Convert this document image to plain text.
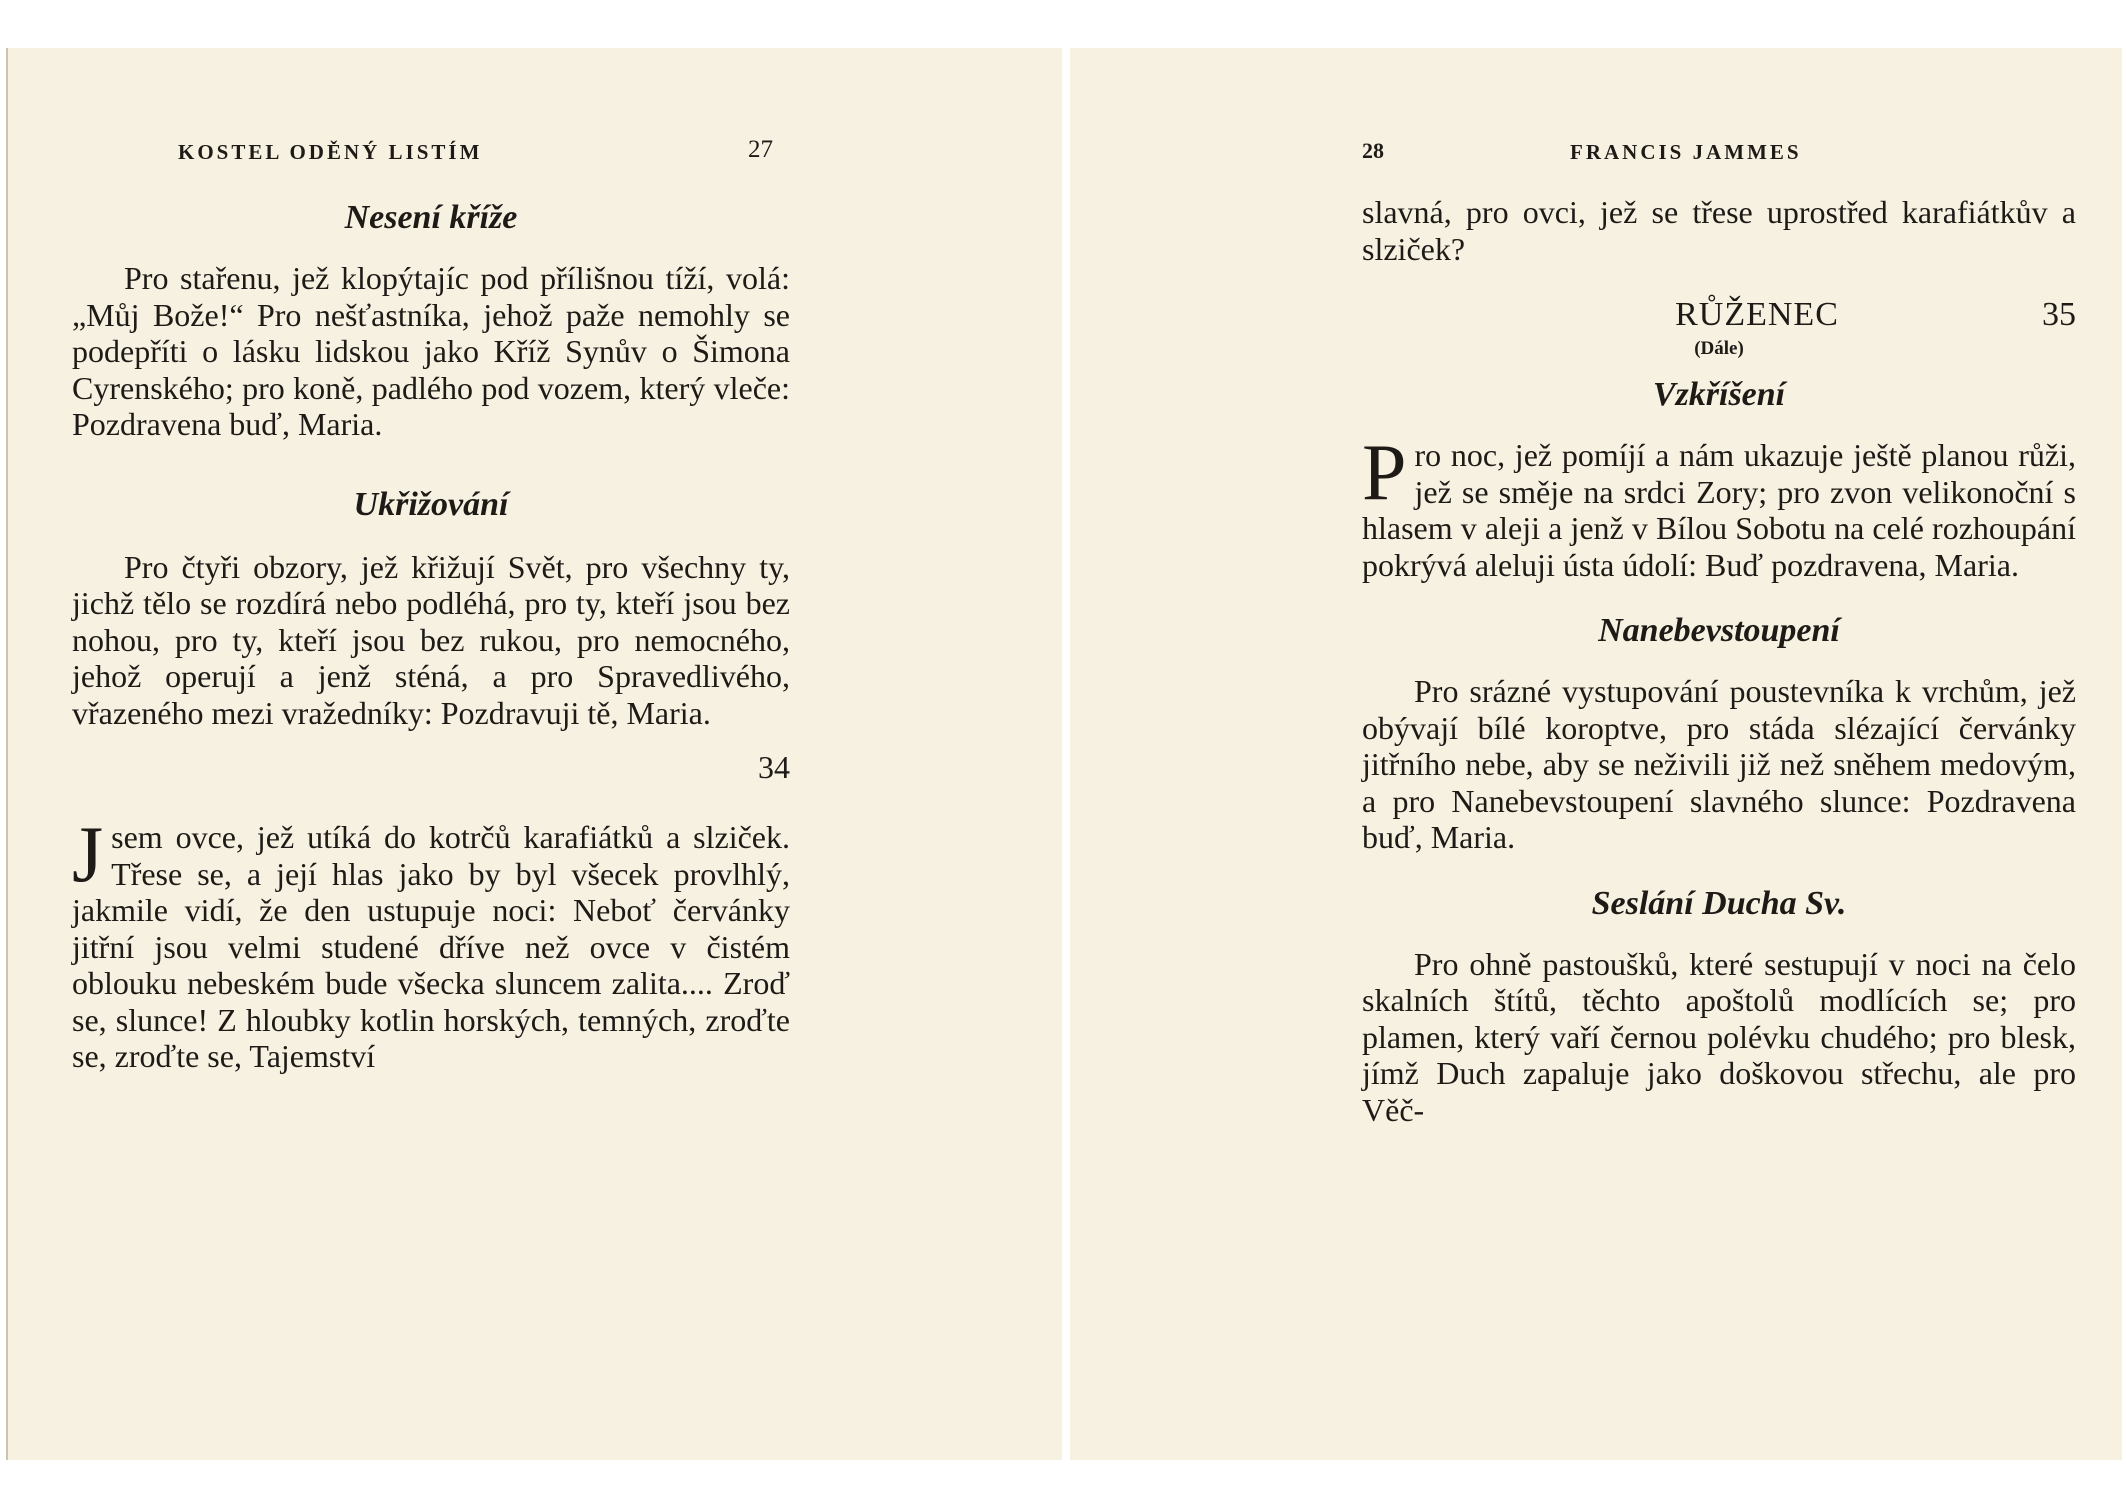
KOSTEL ODĚNÝ LISTÍM	27
Nesení kříže

Pro stařenu, jež klopýtajíc pod přílišnou tíží, volá: „Můj Bože!“ Pro nešťastníka, jehož paže nemohly se podepříti o lásku lidskou jako Kříž Synův o Šimona Cyrenského; pro koně, padlého pod vozem, který vleče: Pozdravena buď, Maria.

Ukřižování

Pro čtyři obzory, jež křižují Svět, pro všechny ty, jichž tělo se rozdírá nebo podléhá, pro ty, kteří jsou bez nohou, pro ty, kteří jsou bez rukou, pro nemocného, jehož operují a jenž sténá, a pro Spravedlivého, vřazeného mezi vražedníky: Pozdravuji tě, Maria.

34

Jsem ovce, jež utíká do kotrčů karafiátků a slziček. Třese se, a její hlas jako by byl všecek provlhlý, jakmile vidí, že den ustupuje noci: Neboť červánky jitřní jsou velmi studené dříve než ovce v čistém oblouku nebeském bude všecka sluncem zalita.... Zroď se, slunce! Z hloubky kotlin horských, temných, zroďte se, zroďte se, Tajemství

28	FRANCIS JAMMES

slavná, pro ovci, jež se třese uprostřed karafiátkův a slziček?

RŮŽENEC	35
(Dále)
Vzkříšení

Pro noc, jež pomíjí a nám ukazuje ještě planou růži, jež se směje na srdci Zory; pro zvon velikonoční s hlasem v aleji a jenž v Bílou Sobotu na celé rozhoupání pokrývá aleluji ústa údolí: Buď pozdravena, Maria.

Nanebevstoupení

Pro srázné vystupování poustevníka k vrchům, jež obývají bílé koroptve, pro stáda slézající červánky jitřního nebe, aby se neživili již než sněhem medovým, a pro Nanebevstoupení slavného slunce: Pozdravena buď, Maria.

Seslání Ducha Sv.

Pro ohně pastoušků, které sestupují v noci na čelo skalních štítů, těchto apoštolů modlících se; pro plamen, který vaří černou polévku chudého; pro blesk, jímž Duch zapaluje jako doškovou střechu, ale pro Věč-
